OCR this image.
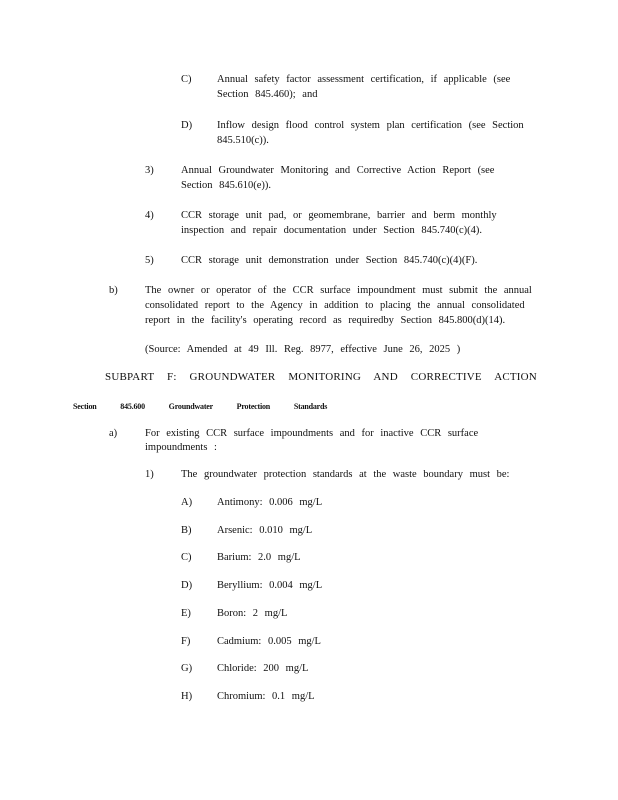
C) Annual safety factor assessment certification, if applicable (see
Section 845.460); and
D) Inflow design flood control system plan certification (see Section
845.510(c)).
3)	Annual Groundwater Monitoring and Corrective Action Report (see
Section 845.610(e)).
4)	CCR storage unit pad, or geomembrane, barrier and berm monthly
inspection and repair documentation under Section 845.740(c)(4).
5)	CCR storage unit demonstration under Section 845.740(c)(4)(F).
b)	The owner or operator of the CCR surface impoundment must submit the annual
consolidated report to the Agency in addition to placing the annual consolidated
report in the facility's operating record as requiredby Section 845.800(d)(14).
(Source: Amended at 49 Ill. Reg. 8977, effective June 26, 2025 )
SUBPART F: GROUNDWATER MONITORING AND CORRECTIVE ACTION
Section 845.600 Groundwater Protection Standards
a)	For existing CCR surface impoundments and for inactive CCR surface
impoundments :
1)	The groundwater protection standards at the waste boundary must be:
A) Antimony: 0.006 mg/L
B) Arsenic: 0.010 mg/L
C) Barium: 2.0 mg/L
D) Beryllium: 0.004 mg/L
E) Boron: 2 mg/L
F)	Cadmium: 0.005 mg/L
G) Chloride: 200 mg/L
H) Chromium: 0.1 mg/L
